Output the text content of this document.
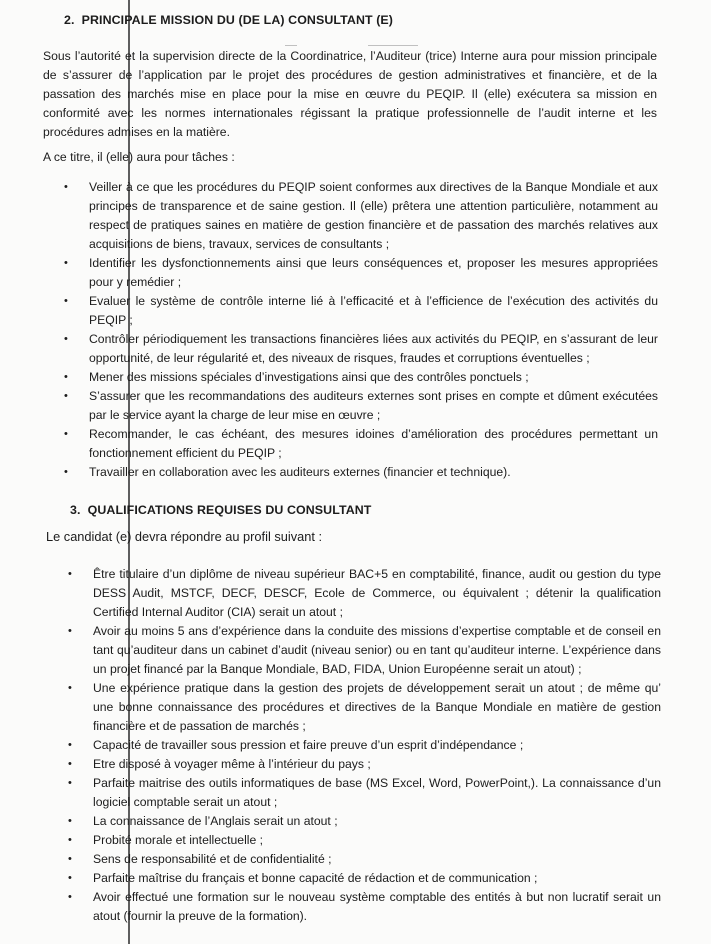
2.  PRINCIPALE MISSION DU (DE LA) CONSULTANT (E)

Sous l’autorité et la supervision directe de la Coordinatrice, l’Auditeur (trice) Interne aura pour mission principale de s’assurer de l’application par le projet des procédures de gestion administratives et financière, et de la passation des marchés mise en place pour la mise en œuvre du PEQIP. Il (elle) exécutera sa mission en conformité avec les normes internationales régissant la pratique professionnelle de l’audit interne et les procédures admises en la matière.

A ce titre, il (elle) aura pour tâches :

• Veiller à ce que les procédures du PEQIP soient conformes aux directives de la Banque Mondiale et aux principes de transparence et de saine gestion. Il (elle) prêtera une attention particulière, notamment au respect de pratiques saines en matière de gestion financière et de passation des marchés relatives aux acquisitions de biens, travaux, services de consultants ;
• Identifier les dysfonctionnements ainsi que leurs conséquences et, proposer les mesures appropriées pour y remédier ;
• Evaluer le système de contrôle interne lié à l’efficacité et à l’efficience de l’exécution des activités du PEQIP ;
• Contrôler périodiquement les transactions financières liées aux activités du PEQIP, en s’assurant de leur opportunité, de leur régularité et, des niveaux de risques, fraudes et corruptions éventuelles ;
• Mener des missions spéciales d’investigations ainsi que des contrôles ponctuels ;
• S’assurer que les recommandations des auditeurs externes sont prises en compte et dûment exécutées par le service ayant la charge de leur mise en œuvre ;
• Recommander, le cas échéant, des mesures idoines d’amélioration des procédures permettant un fonctionnement efficient du PEQIP ;
• Travailler en collaboration avec les auditeurs externes (financier et technique).
3.  QUALIFICATIONS REQUISES DU CONSULTANT

Le candidat (e) devra répondre au profil suivant :

• Être titulaire d’un diplôme de niveau supérieur BAC+5 en comptabilité, finance, audit ou gestion du type DESS Audit, MSTCF, DECF, DESCF, Ecole de Commerce, ou équivalent ; détenir la qualification Certified Internal Auditor (CIA) serait un atout ;
• Avoir au moins 5 ans d’expérience dans la conduite des missions d’expertise comptable et de conseil en tant qu’auditeur dans un cabinet d’audit (niveau senior) ou en tant qu’auditeur interne. L’expérience dans un projet financé par la Banque Mondiale, BAD, FIDA, Union Européenne serait un atout) ;
• Une expérience pratique dans la gestion des projets de développement serait un atout ; de même qu’ une bonne connaissance des procédures et directives de la Banque Mondiale en matière de gestion financière et de passation de marchés ;
• Capacité de travailler sous pression et faire preuve d’un esprit d’indépendance ;
• Etre disposé à voyager même à l’intérieur du pays ;
• Parfaite maitrise des outils informatiques de base (MS Excel, Word, PowerPoint,). La connaissance d’un logiciel comptable serait un atout ;
• La connaissance de l’Anglais serait un atout ;
• Probité morale et intellectuelle ;
• Sens de responsabilité et de confidentialité ;
• Parfaite maîtrise du français et bonne capacité de rédaction et de communication ;
• Avoir effectué une formation sur le nouveau système comptable des entités à but non lucratif serait un atout (fournir la preuve de la formation).
